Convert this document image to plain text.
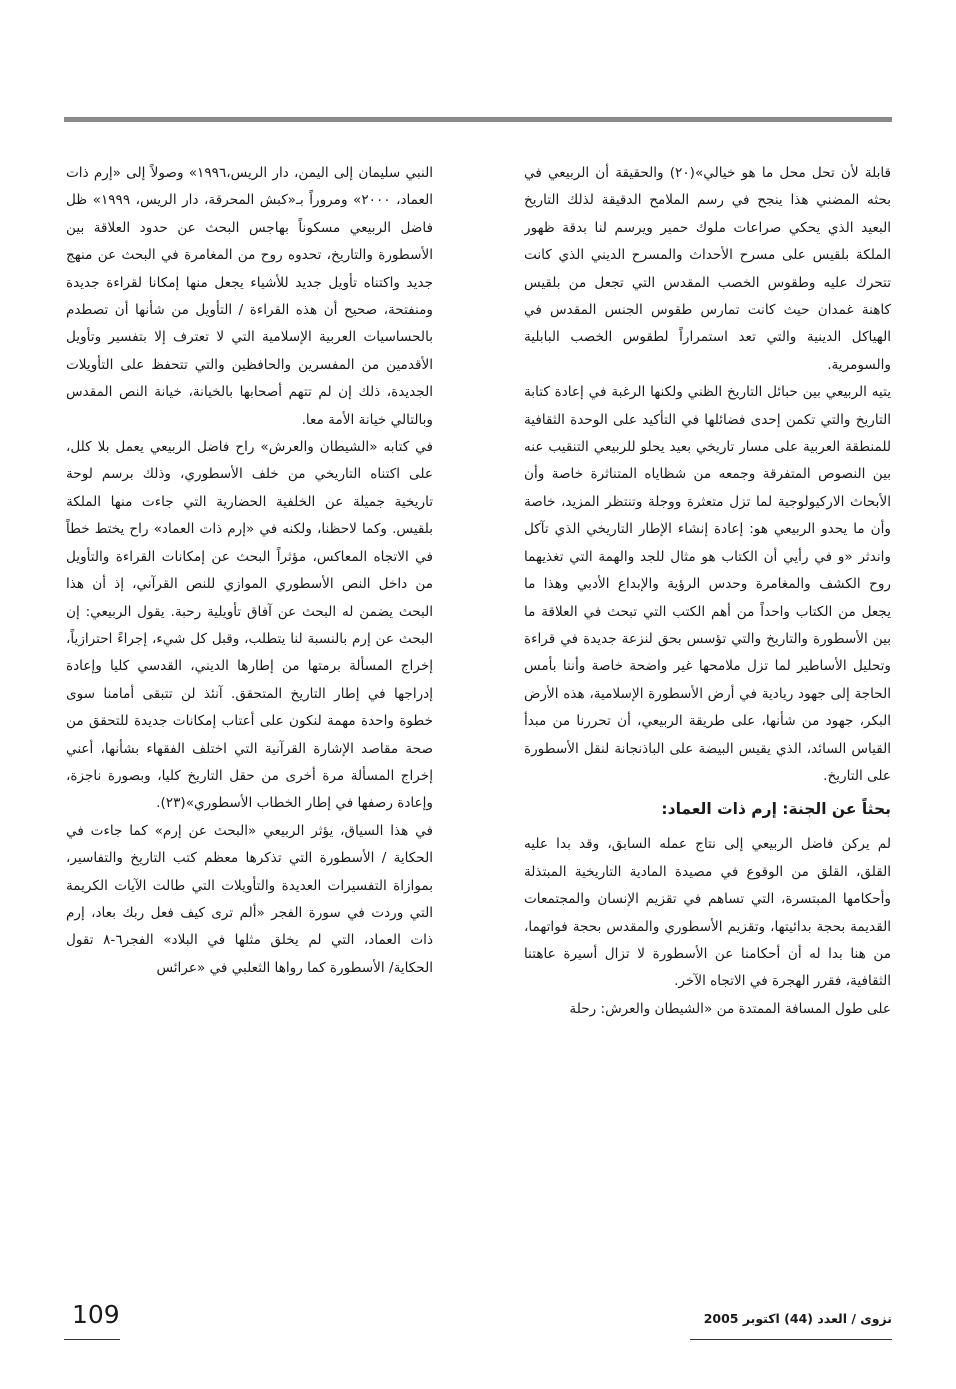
قابلة لأن تحل محل ما هو خيالي»(٢٠) والحقيقة أن الربيعي في بحثه المضني هذا ينجح في رسم الملامح الدقيقة لذلك التاريخ البعيد الذي يحكي صراعات ملوك حمير ويرسم لنا بدقة ظهور الملكة بلقيس على مسرح الأحداث والمسرح الديني الذي كانت تتحرك عليه وطقوس الخصب المقدس التي تجعل من بلقيس كاهنة غمدان حيث كانت تمارس طقوس الجنس المقدس في الهياكل الدينية والتي تعد استمراراً لطقوس الخصب البابلية والسومرية.

يتيه الربيعي بين حبائل التاريخ الظني ولكنها الرغبة في إعادة كتابة التاريخ والتي تكمن إحدى فضائلها في التأكيد على الوحدة الثقافية للمنطقة العربية على مسار تاريخي بعيد يحلو للربيعي التنقيب عنه بين النصوص المتفرقة وجمعه من شظاياه المتناثرة خاصة وأن الأبحاث الاركيولوجية لما تزل متعثرة ووجلة وتنتظر المزيد، خاصة وأن ما يحدو الربيعي هو: إعادة إنشاء الإطار التاريخي الذي تآكل واندثر «و في رأيي أن الكتاب هو مثال للجد والهمة التي تغذيهما روح الكشف والمغامرة وحدس الرؤية والإبداع الأدبي وهذا ما يجعل من الكتاب واحداً من أهم الكتب التي تبحث في العلاقة ما بين الأسطورة والتاريخ والتي تؤسس بحق لنزعة جديدة في قراءة وتحليل الأساطير لما تزل ملامحها غير واضحة خاصة وأننا بأمس الحاجة إلى جهود ريادية في أرض الأسطورة الإسلامية، هذه الأرض البكر، جهود من شأنها، على طريقة الربيعي، أن تحررنا من مبدأ القياس السائد، الذي يقيس البيضة على الباذنجانة لنقل الأسطورة على التاريخ.

بحثاً عن الجنة: إرم ذات العماد:

لم يركن فاضل الربيعي إلى نتاج عمله السابق، وقد بدا عليه القلق، القلق من الوقوع في مصيدة المادية التاريخية المبتذلة وأحكامها المبتسرة، التي تساهم في تقزيم الإنسان والمجتمعات القديمة بحجة بدائيتها، وتقزيم الأسطوري والمقدس بحجة فواتهما، من هنا بدا له أن أحكامنا عن الأسطورة لا تزال أسيرة عاهتنا الثقافية، فقرر الهجرة في الاتجاه الآخر.

على طول المسافة الممتدة من «الشيطان والعرش: رحلة

النبي سليمان إلى اليمن، دار الريس،١٩٩٦» وصولاً إلى «إرم ذات العماد، ٢٠٠٠» ومروراً بـ«كبش المحرقة، دار الريس، ١٩٩٩» ظل فاضل الربيعي مسكوناً بهاجس البحث عن حدود العلاقة بين الأسطورة والتاريخ، تحدوه روح من المغامرة في البحث عن منهج جديد واكتناه تأويل جديد للأشياء يجعل منها إمكانا لقراءة جديدة ومنفتحة، صحيح أن هذه القراءة / التأويل من شأنها أن تصطدم بالحساسيات العربية الإسلامية التي لا تعترف إلا بتفسير وتأويل الأقدمين من المفسرين والحافظين والتي تتحفظ على التأويلات الجديدة، ذلك إن لم تتهم أصحابها بالخيانة، خيانة النص المقدس وبالتالي خيانة الأمة معا.

في كتابه «الشيطان والعرش» راح فاضل الربيعي يعمل بلا كلل، على اكتناه التاريخي من خلف الأسطوري، وذلك برسم لوحة تاريخية جميلة عن الخلفية الحضارية التي جاءت منها الملكة بلقيس. وكما لاحظنا، ولكنه في «إرم ذات العماد» راح يختط خطاً في الاتجاه المعاكس، مؤثراً البحث عن إمكانات القراءة والتأويل من داخل النص الأسطوري الموازي للنص القرآني، إذ أن هذا البحث يضمن له البحث عن آفاق تأويلية رحبة. يقول الربيعي: إن البحث عن إرم بالنسبة لنا يتطلب، وقبل كل شيء، إجراءً احترازياً، إخراج المسألة برمتها من إطارها الديني، القدسي كليا وإعادة إدراجها في إطار التاريخ المتحقق. آنئذ لن تتبقى أمامنا سوى خطوة واحدة مهمة لنكون على أعتاب إمكانات جديدة للتحقق من صحة مقاصد الإشارة القرآنية التي اختلف الفقهاء بشأنها، أعني إخراج المسألة مرة أخرى من حقل التاريخ كليا، وبصورة ناجزة، وإعادة رصفها في إطار الخطاب الأسطوري»(٢٣).

في هذا السياق، يؤثر الربيعي «البحث عن إرم» كما جاءت في الحكاية / الأسطورة التي تذكرها معظم كتب التاريخ والتفاسير، بموازاة التفسيرات العديدة والتأويلات التي طالت الآيات الكريمة التي وردت في سورة الفجر «ألم ترى كيف فعل ربك بعاد، إرم ذات العماد، التي لم يخلق مثلها في البلاد» الفجر٦-٨ تقول الحكاية/ الأسطورة كما رواها الثعلبي في «عرائس

109	نزوى / العدد (44) اكتوبر 2005
